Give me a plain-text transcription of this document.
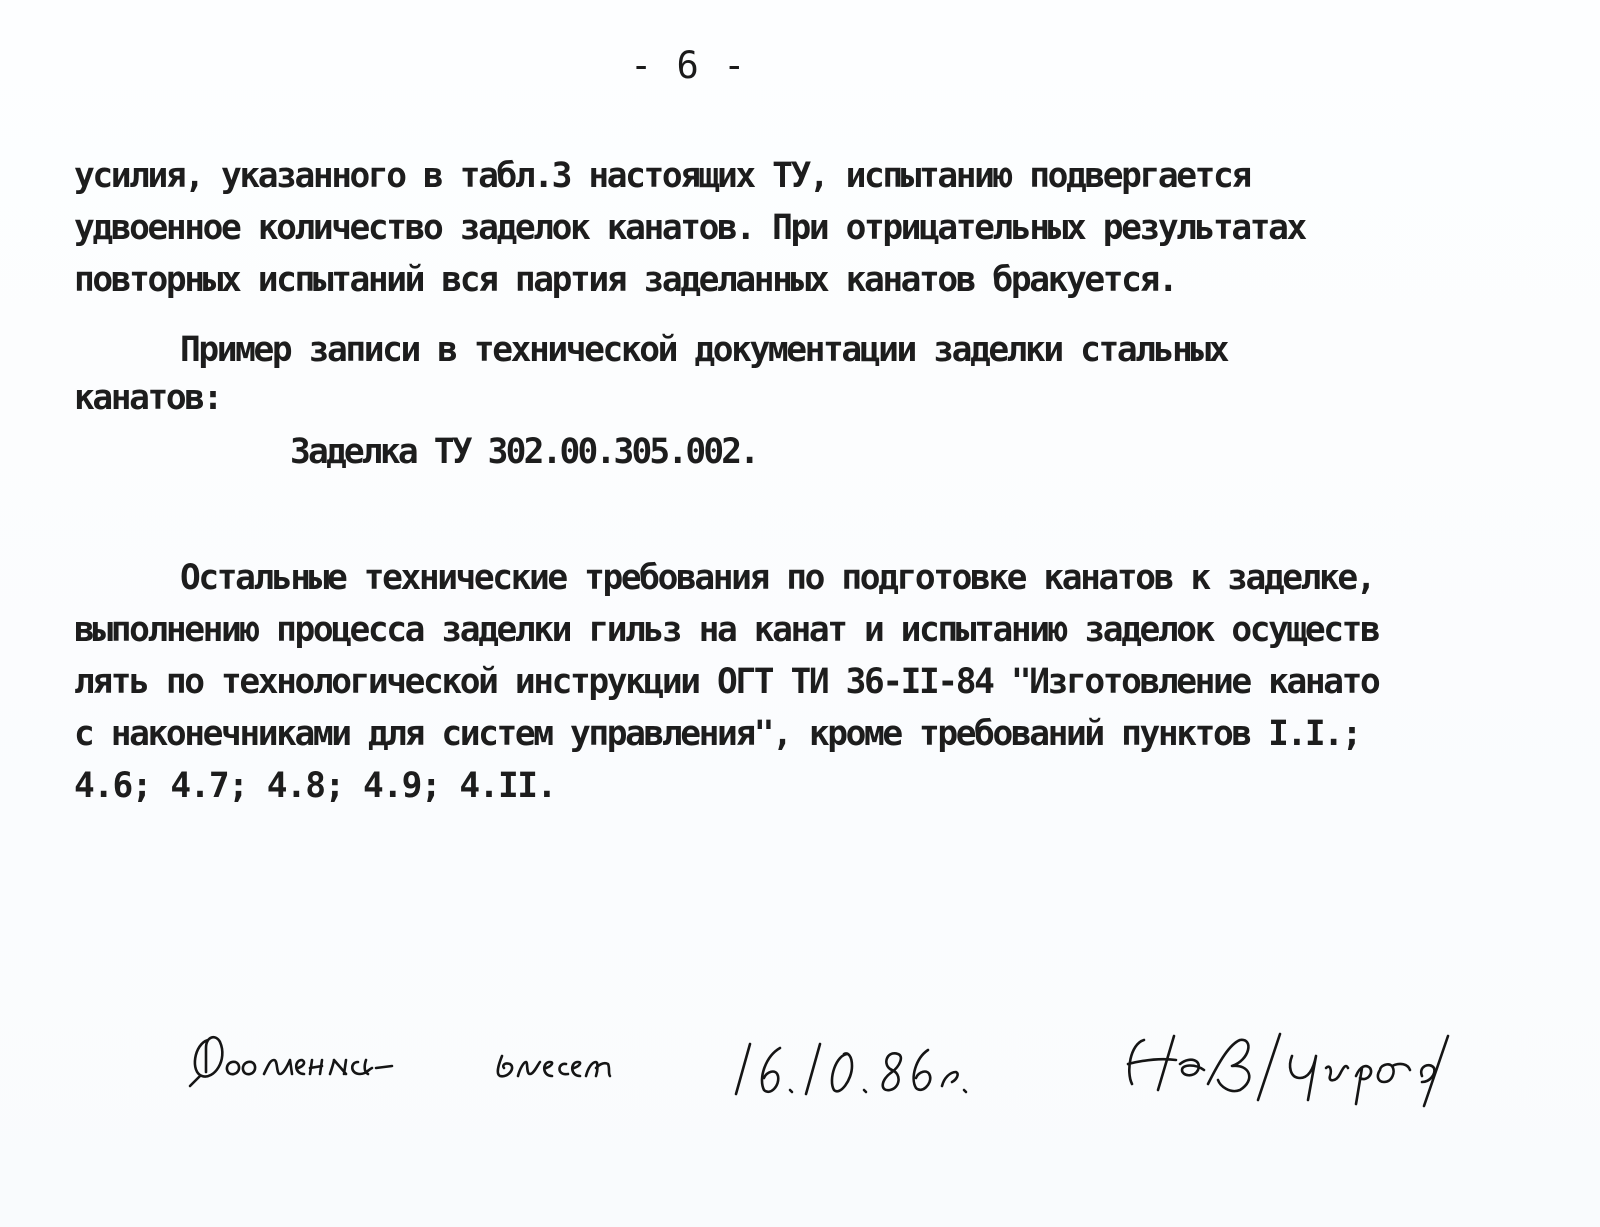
- 6 -
усилия, указанного в табл.3 настоящих ТУ, испытанию подвергается
удвоенное количество заделок канатов. При отрицательных результатах
повторных испытаний вся партия заделанных канатов бракуется.
Пример записи в технической документации заделки стальных
канатов:
Заделка ТУ 302.00.305.002.
Остальные технические требования по подготовке канатов к заделке,
выполнению процесса заделки гильз на канат и испытанию заделок осуществ
лять по технологической инструкции ОГТ ТИ 36-II-84 "Изготовление канато
с наконечниками для систем управления", кроме требований пунктов I.I.;
4.6; 4.7; 4.8; 4.9; 4.II.
